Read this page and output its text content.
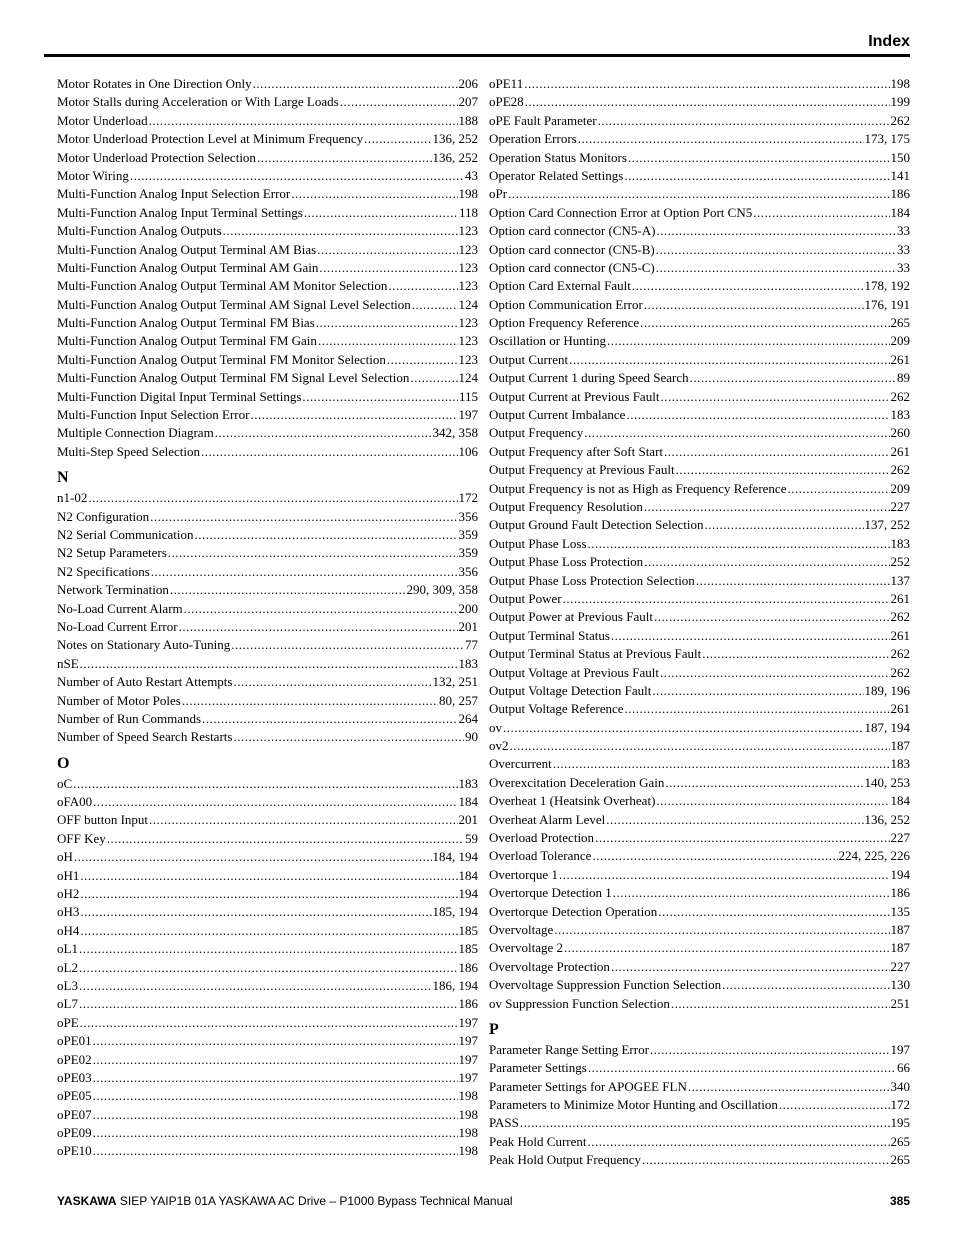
Index
Motor Rotates in One Direction Only .....	206
Motor Stalls during Acceleration or With Large Loads .....	207
Motor Underload .....	188
Motor Underload Protection Level at Minimum Frequency .....	136, 252
Motor Underload Protection Selection .....	136, 252
Motor Wiring .....	43
Multi-Function Analog Input Selection Error .....	198
Multi-Function Analog Input Terminal Settings .....	118
Multi-Function Analog Outputs .....	123
Multi-Function Analog Output Terminal AM Bias .....	123
Multi-Function Analog Output Terminal AM Gain .....	123
Multi-Function Analog Output Terminal AM Monitor Selection .....	123
Multi-Function Analog Output Terminal AM Signal Level Selection .....	124
Multi-Function Analog Output Terminal FM Bias .....	123
Multi-Function Analog Output Terminal FM Gain .....	123
Multi-Function Analog Output Terminal FM Monitor Selection .....	123
Multi-Function Analog Output Terminal FM Signal Level Selection .....	124
Multi-Function Digital Input Terminal Settings .....	115
Multi-Function Input Selection Error .....	197
Multiple Connection Diagram .....	342, 358
Multi-Step Speed Selection .....	106
N
n1-02 .....	172
N2 Configuration .....	356
N2 Serial Communication .....	359
N2 Setup Parameters .....	359
N2 Specifications .....	356
Network Termination .....	290, 309, 358
No-Load Current Alarm .....	200
No-Load Current Error .....	201
Notes on Stationary Auto-Tuning .....	77
nSE .....	183
Number of Auto Restart Attempts .....	132, 251
Number of Motor Poles .....	80, 257
Number of Run Commands .....	264
Number of Speed Search Restarts .....	90
O
oC .....	183
oFA00 .....	184
OFF button Input .....	201
OFF Key .....	59
oH .....	184, 194
oH1 .....	184
oH2 .....	194
oH3 .....	185, 194
oH4 .....	185
oL1 .....	185
oL2 .....	186
oL3 .....	186, 194
oL7 .....	186
oPE .....	197
oPE01 .....	197
oPE02 .....	197
oPE03 .....	197
oPE05 .....	198
oPE07 .....	198
oPE09 .....	198
oPE10 .....	198
oPE11 .....	198
oPE28 .....	199
oPE Fault Parameter .....	262
Operation Errors .....	173, 175
Operation Status Monitors .....	150
Operator Related Settings .....	141
oPr .....	186
Option Card Connection Error at Option Port CN5 .....	184
Option card connector (CN5-A) .....	33
Option card connector (CN5-B) .....	33
Option card connector (CN5-C) .....	33
Option Card External Fault .....	178, 192
Option Communication Error .....	176, 191
Option Frequency Reference .....	265
Oscillation or Hunting .....	209
Output Current .....	261
Output Current 1 during Speed Search .....	89
Output Current at Previous Fault .....	262
Output Current Imbalance .....	183
Output Frequency .....	260
Output Frequency after Soft Start .....	261
Output Frequency at Previous Fault .....	262
Output Frequency is not as High as Frequency Reference .....	209
Output Frequency Resolution .....	227
Output Ground Fault Detection Selection .....	137, 252
Output Phase Loss .....	183
Output Phase Loss Protection .....	252
Output Phase Loss Protection Selection .....	137
Output Power .....	261
Output Power at Previous Fault .....	262
Output Terminal Status .....	261
Output Terminal Status at Previous Fault .....	262
Output Voltage at Previous Fault .....	262
Output Voltage Detection Fault .....	189, 196
Output Voltage Reference .....	261
ov .....	187, 194
ov2 .....	187
Overcurrent .....	183
Overexcitation Deceleration Gain .....	140, 253
Overheat 1 (Heatsink Overheat) .....	184
Overheat Alarm Level .....	136, 252
Overload Protection .....	227
Overload Tolerance .....	224, 225, 226
Overtorque 1 .....	194
Overtorque Detection 1 .....	186
Overtorque Detection Operation .....	135
Overvoltage .....	187
Overvoltage 2 .....	187
Overvoltage Protection .....	227
Overvoltage Suppression Function Selection .....	130
ov Suppression Function Selection .....	251
P
Parameter Range Setting Error .....	197
Parameter Settings .....	66
Parameter Settings for APOGEE FLN .....	340
Parameters to Minimize Motor Hunting and Oscillation .....	172
PASS .....	195
Peak Hold Current .....	265
Peak Hold Output Frequency .....	265
YASKAWA SIEP YAIP1B 01A YASKAWA AC Drive – P1000 Bypass Technical Manual	385
